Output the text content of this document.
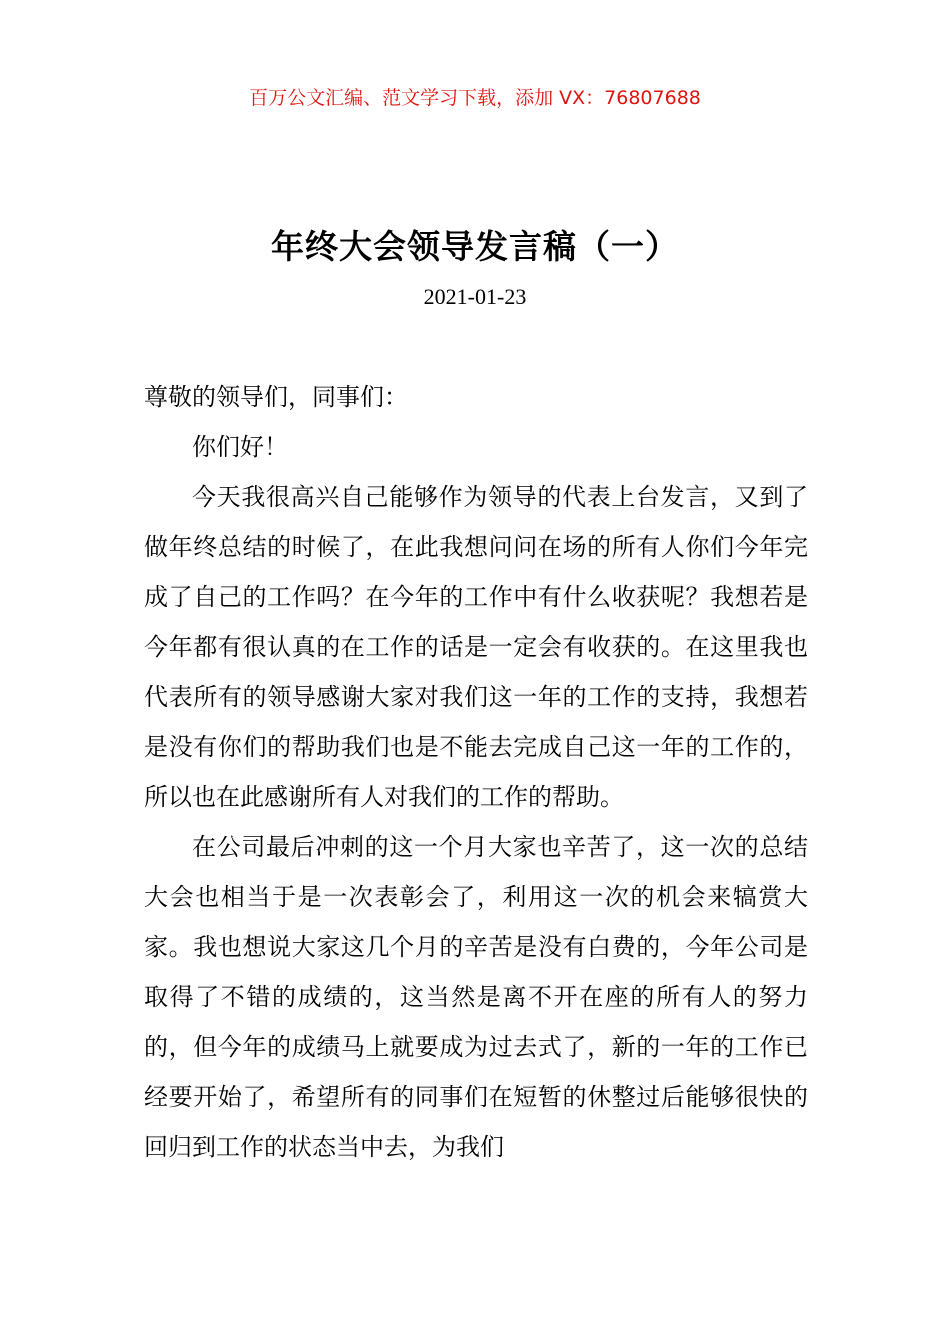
百万公文汇编、范文学习下载，添加 VX：76807688
年终大会领导发言稿（一）
2021-01-23

尊敬的领导们，同事们：

你们好！

今天我很高兴自己能够作为领导的代表上台发言，又到了做年终总结的时候了，在此我想问问在场的所有人你们今年完成了自己的工作吗？在今年的工作中有什么收获呢？我想若是今年都有很认真的在工作的话是一定会有收获的。在这里我也代表所有的领导感谢大家对我们这一年的工作的支持，我想若是没有你们的帮助我们也是不能去完成自己这一年的工作的，所以也在此感谢所有人对我们的工作的帮助。

在公司最后冲刺的这一个月大家也辛苦了，这一次的总结大会也相当于是一次表彰会了，利用这一次的机会来犒赏大家。我也想说大家这几个月的辛苦是没有白费的，今年公司是取得了不错的成绩的，这当然是离不开在座的所有人的努力的，但今年的成绩马上就要成为过去式了，新的一年的工作已经要开始了，希望所有的同事们在短暂的休整过后能够很快的回归到工作的状态当中去，为我们
